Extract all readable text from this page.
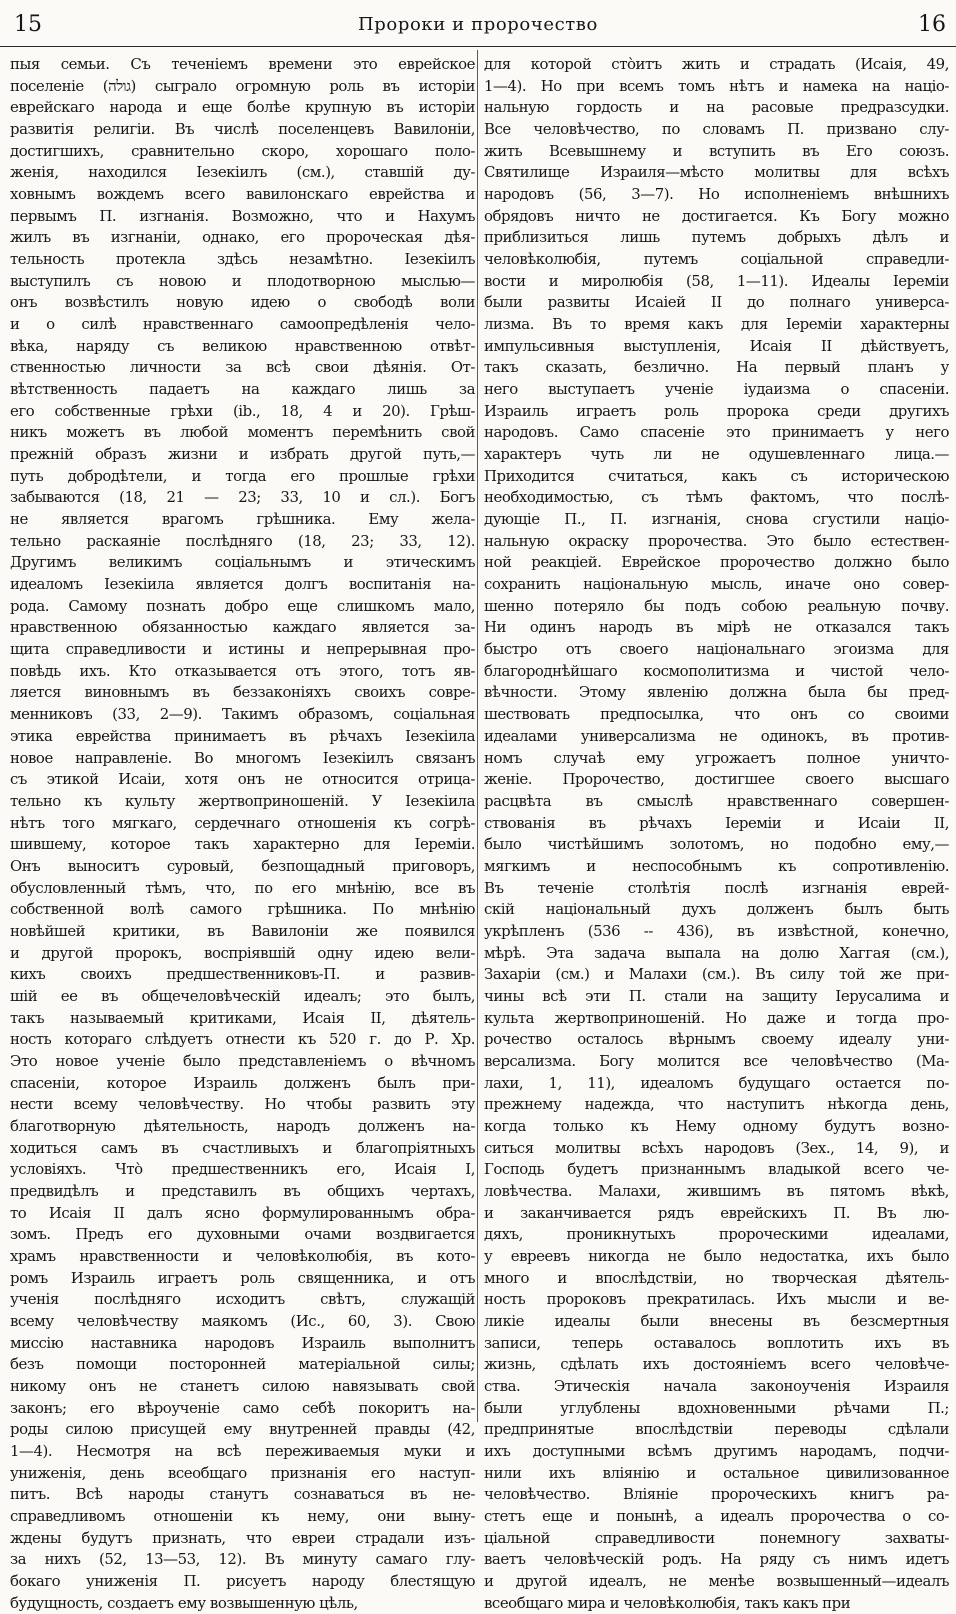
15	Пророки и пророчество	16
пыя семьи. Съ теченіемъ времени это еврейское
поселеніе (גולה) сыграло огромную роль въ исторіи
еврейскаго народа и еще болѣе крупную въ исторіи
развитія религіи. Въ числѣ поселенцевъ Вавилоніи,
достигшихъ, сравнительно скоро, хорошаго поло-
женія, находился Іезекіилъ (см.), ставшій ду-
ховнымъ вождемъ всего вавилонскаго еврейства и
первымъ П. изгнанія. Возможно, что и Нахумъ
жилъ въ изгнаніи, однако, его пророческая дѣя-
тельность протекла здѣсь незамѣтно. Іезекіилъ
выступилъ съ новою и плодотворною мыслью—
онъ возвѣстилъ новую идею о свободѣ воли
и о силѣ нравственнаго самоопредѣленія чело-
вѣка, наряду съ великою нравственною отвѣт-
ственностью личности за всѣ свои дѣянія. От-
вѣтственность падаетъ на каждаго лишь за
его собственные грѣхи (ib., 18, 4 и 20). Грѣш-
никъ можетъ въ любой моментъ перемѣнить свой
прежній образъ жизни и избрать другой путь,—
путь добродѣтели, и тогда его прошлые грѣхи
забываются (18, 21 — 23; 33, 10 и сл.). Богъ
не является врагомъ грѣшника. Ему желa-
тельно раскаяніе послѣдняго (18, 23; 33, 12).
Другимъ великимъ соціальнымъ и этическимъ
идеаломъ Іезекіила является долгъ воспитанія на-
рода. Самому познать добро еще слишкомъ мало,
нравственною обязанностью каждаго является за-
щита справедливости и истины и непрерывная про-
повѣдь ихъ. Кто отказывается отъ этого, тотъ яв-
ляется виновнымъ въ беззаконіяхъ своихъ совре-
менниковъ (33, 2—9). Такимъ образомъ, соціальная
этика еврейства принимаетъ въ рѣчахъ Іезекіила
новое направленіе. Во многомъ Іезекіилъ связанъ
съ этикой Исаіи, хотя онъ не относится отрица-
тельно къ культу жертвоприношеній. У Іезекіила
нѣтъ того мягкаго, сердечнаго отношенія къ согрѣ-
шившему, которое такъ характерно для Іереміи.
Онъ выноситъ суровый, безпощадный приговоръ,
обусловленный тѣмъ, что, по его мнѣнію, все въ
собственной волѣ самого грѣшника. По мнѣнію
новѣйшей критики, въ Вавилоніи же появился
и другой пророкъ, воспріявшій одну идею вели-
кихъ своихъ предшественниковъ-П. и развив-
шій ее въ общечеловѣческій идеалъ; это былъ,
такъ называемый критиками, Исаія II, дѣятель-
ность котораго слѣдуетъ отнести къ 520 г. до Р. Хр.
Это новое ученіе было представленіемъ о вѣчномъ
спасеніи, которое Израиль долженъ былъ при-
нести всему человѣчеству. Но чтобы развить эту
благотворную дѣятельность, народъ долженъ на-
ходиться самъ въ счастливыхъ и благопріятныхъ
условіяхъ. Что̀ предшественникъ его, Исаія I,
предвидѣлъ и представилъ въ общихъ чертахъ,
то Исаія II далъ ясно формулированнымъ обра-
зомъ. Предъ его духовными очами воздвигается
храмъ нравственности и человѣколюбія, въ кото-
ромъ Израиль играетъ роль священника, и отъ
ученія послѣдняго исходитъ свѣтъ, служащій
всему человѣчеству маякомъ (Ис., 60, 3). Свою
миссію наставника народовъ Израиль выполнитъ
безъ помощи посторонней матеріальной силы;
никому онъ не станетъ силою навязывать свой
законъ; его вѣроученіе само себѣ покоритъ на-
роды силою присущей ему внутренней правды (42,
1—4). Несмотря на всѣ переживаемыя муки и
униженія, день всеобщаго признанія его наступ-
питъ. Всѣ народы станутъ сознаваться въ не-
справедливомъ отношеніи къ нему, они выну-
ждены будутъ признать, что евреи страдали изъ-
за нихъ (52, 13—53, 12). Въ минуту самаго глу-
бокаго униженія П. рисуетъ народу блестящую
будущность, создаетъ ему возвышенную цѣль,
для которой сто̀итъ жить и страдать (Исаія, 49,
1—4). Но при всемъ томъ нѣтъ и намека на націо-
нальную гордость и на расовые предразсудки.
Все человѣчество, по словамъ П. призвано слу-
жить Всевышнему и вступить въ Его союзъ.
Святилище Израиля—мѣсто молитвы для всѣхъ
народовъ (56, 3—7). Но исполненіемъ внѣшнихъ
обрядовъ ничто не достигается. Къ Богу можно
приблизиться лишь путемъ добрыхъ дѣлъ и
человѣколюбія, путемъ соціальной справедли-
вости и миролюбія (58, 1—11). Идеалы Іереміи
были развиты Исаіей II до полнаго универса-
лизма. Въ то время какъ для Іереміи характерны
импульсивныя выступленія, Исаія II дѣйствуетъ,
такъ сказать, безлично. На первый планъ у
него выступаетъ ученіе іудаизма о спасеніи.
Израиль играетъ роль пророка среди другихъ
народовъ. Само спасеніе это принимаетъ у него
характеръ чуть ли не одушевленнаго лица.—
Приходится считаться, какъ съ историческою
необходимостью, съ тѣмъ фактомъ, что послѣ-
дующіе П., П. изгнанія, снова сгустили націо-
нальную окраску пророчества. Это было естествен-
ной реакціей. Еврейское пророчество должно было
сохранить національную мысль, иначе оно совер-
шенно потеряло бы подъ собою реальную почву.
Ни одинъ народъ въ мірѣ не отказался такъ
быстро отъ своего національнаго эгоизма для
благороднѣйшаго космополитизма и чистой чело-
вѣчности. Этому явленію должна была бы пред-
шествовать предпосылка, что онъ со своими
идеалами универсализма не одинокъ, въ против-
номъ случаѣ ему угрожаетъ полное уничто-
женіе. Пророчество, достигшее своего высшаго
расцвѣта въ смыслѣ нравственнаго совершен-
ствованія въ рѣчахъ Іереміи и Исаіи II,
было чистѣйшимъ золотомъ, но подобно ему,—
мягкимъ и неспособнымъ къ сопротивленію.
Въ теченіе столѣтія послѣ изгнанія еврей-
скій національный духъ долженъ былъ быть
укрѣпленъ (536 -- 436), въ извѣстной, конечно,
мѣрѣ. Эта задача выпала на долю Хаггая (см.),
Захаріи (см.) и Малахи (см.). Въ силу той же при-
чины всѣ эти П. стали на защиту Іерусалима и
культа жертвоприношеній. Но даже и тогда про-
рочество осталось вѣрнымъ своему идеалу уни-
версализма. Богу молится все человѣчество (Ма-
лахи, 1, 11), идеаломъ будущаго остается по-
прежнему надежда, что наступитъ нѣкогда день,
когда только къ Нему одному будутъ возно-
ситься молитвы всѣхъ народовъ (Зех., 14, 9), и
Господь будетъ признаннымъ владыкой всего че-
ловѣчества. Малахи, жившимъ въ пятомъ вѣкѣ,
и заканчивается рядъ еврейскихъ П. Въ лю-
дяхъ, проникнутыхъ пророческими идеалами,
у евреевъ никогда не было недостатка, ихъ было
много и впослѣдствіи, но творческая дѣятель-
ность пророковъ прекратилась. Ихъ мысли и ве-
ликіе идеалы были внесены въ безсмертныя
записи, теперь оставалось воплотить ихъ въ
жизнь, сдѣлать ихъ достояніемъ всего человѣче-
ства. Этическія начала законоученія Израиля
были углублены вдохновенными рѣчами П.;
предпринятые впослѣдствіи переводы сдѣлали
ихъ доступными всѣмъ другимъ народамъ, подчи-
нили ихъ вліянію и остальное цивилизованное
человѣчество. Вліяніе пророческихъ книгъ ра-
стетъ еще и понынѣ, а идеалъ пророчества о со-
ціальной справедливости понемногу захваты-
ваетъ человѣческій родъ. На ряду съ нимъ идетъ
и другой идеалъ, не менѣе возвышенный—идеалъ
всеобщаго мира и человѣколюбія, такъ какъ при
